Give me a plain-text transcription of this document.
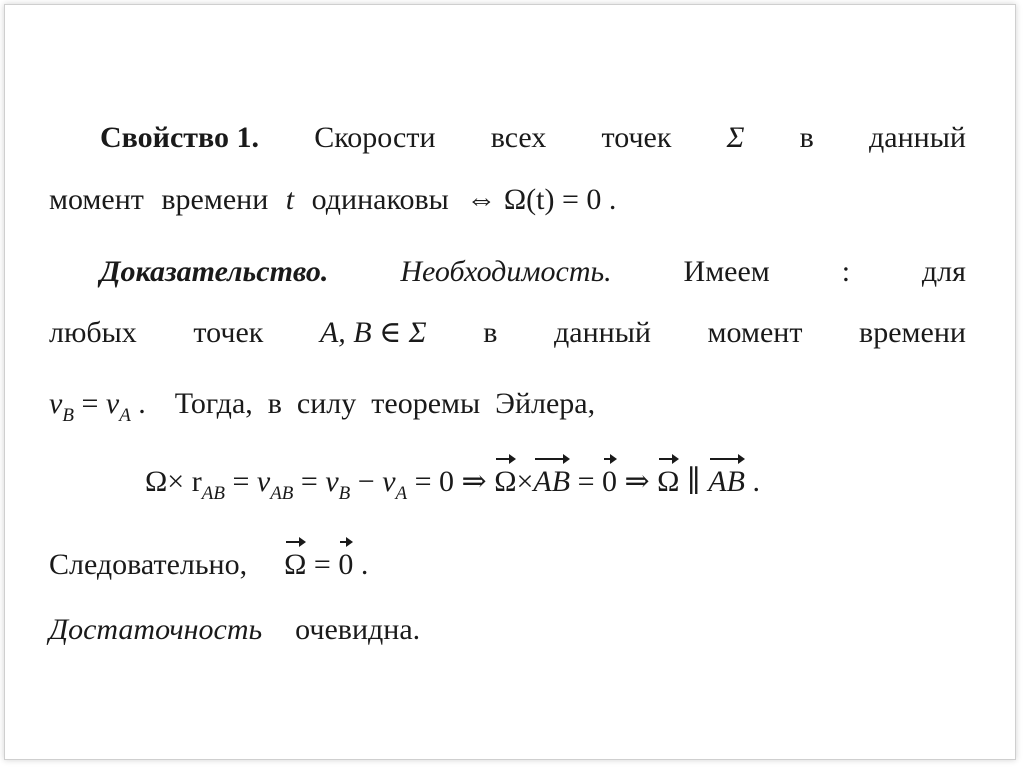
Свойство 1. Скорости всех точек Σ в данный
момент времени t одинаковы ⇔ Ω(t) = 0 .
Доказательство. Необходимость. Имеем : для
любых точек A, B ∈ Σ в данный момент времени
$v_B = v_A$ . Тогда,  в  силу  теоремы  Эйлера,
$\Omega\times r_{AB} = v_{AB} = v_B - v_A = 0$ ⇒ Ω×
AB = 0 ⇒ Ω ∥ AB .
Следовательно, Ω = 0 .
Достаточность очевидна.
